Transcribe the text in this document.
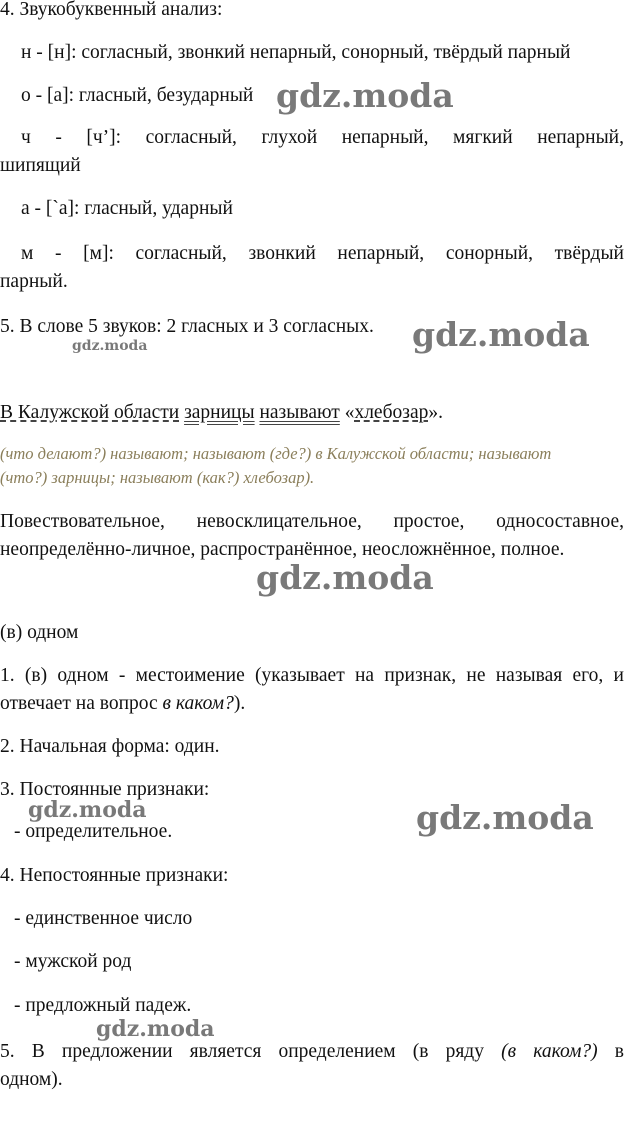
4. Звукобуквенный анализ:
н - [н]: согласный, звонкий непарный, сонорный, твёрдый парный
о - [а]: гласный, безударный
ч - [ч’]: согласный, глухой непарный, мягкий непарный,
шипящий
а - [`а]: гласный, ударный
м - [м]: согласный, звонкий непарный, сонорный, твёрдый
парный.
5. В слове 5 звуков: 2 гласных и 3 согласных.
В Калужской области зарницы называют «хлебозар».
(что делают?) называют; называют (где?) в Калужской области; называют
(что?) зарницы; называют (как?) хлебозар).
Повествовательное, невосклицательное, простое, односоставное,
неопределённо-личное, распространённое, неосложнённое, полное.
(в) одном
1. (в) одном - местоимение (указывает на признак, не называя его, и
отвечает на вопрос в каком?).
2. Начальная форма: один.
3. Постоянные признаки:
- определительное.
4. Непостоянные признаки:
- единственное число
- мужской род
- предложный падеж.
5. В предложении является определением (в ряду (в каком?) в
одном).
gdz.moda
gdz.moda
gdz.moda
gdz.moda
gdz.moda	gdz.moda
gdz.moda
